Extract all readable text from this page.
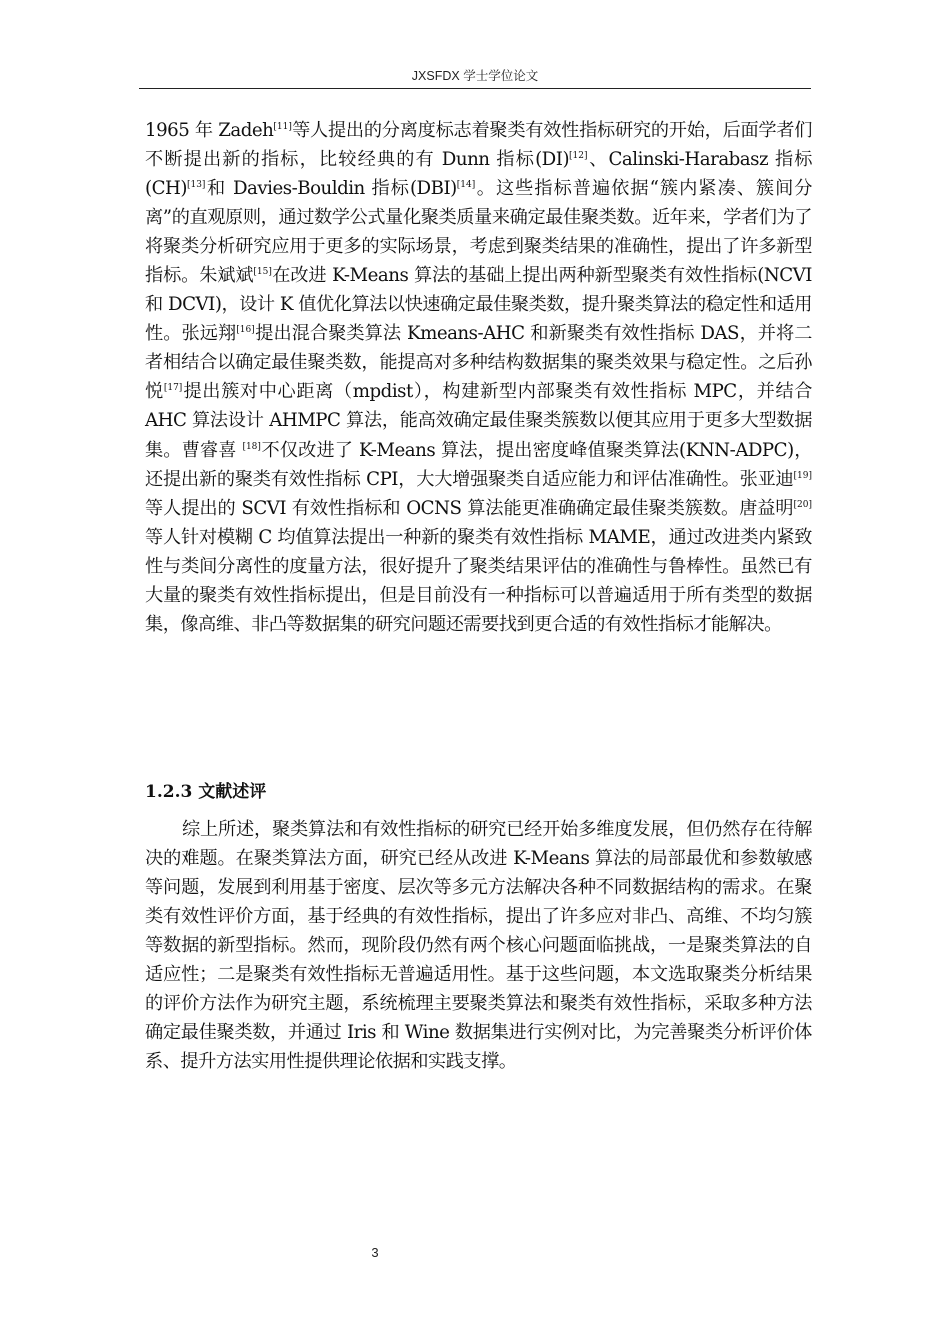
JXSFDX 学士学位论文

1965 年 Zadeh[11]等人提出的分离度标志着聚类有效性指标研究的开始，后面学者们不断提出新的指标，比较经典的有 Dunn 指标(DI)[12]、Calinski-Harabasz 指标(CH)[13]和 Davies-Bouldin 指标(DBI)[14]。这些指标普遍依据“簇内紧凑、簇间分离”的直观原则，通过数学公式量化聚类质量来确定最佳聚类数。近年来，学者们为了将聚类分析研究应用于更多的实际场景，考虑到聚类结果的准确性，提出了许多新型指标。朱斌斌[15]在改进 K-Means 算法的基础上提出两种新型聚类有效性指标(NCVI 和 DCVI)，设计 K 值优化算法以快速确定最佳聚类数，提升聚类算法的稳定性和适用性。张远翔[16]提出混合聚类算法 Kmeans-AHC 和新聚类有效性指标 DAS，并将二者相结合以确定最佳聚类数，能提高对多种结构数据集的聚类效果与稳定性。之后孙悦[17]提出簇对中心距离（mpdist），构建新型内部聚类有效性指标 MPC，并结合 AHC 算法设计 AHMPC 算法，能高效确定最佳聚类簇数以便其应用于更多大型数据集。曹睿喜 [18]不仅改进了 K-Means 算法，提出密度峰值聚类算法(KNN-ADPC)，还提出新的聚类有效性指标 CPI，大大增强聚类自适应能力和评估准确性。张亚迪[19]等人提出的 SCVI 有效性指标和 OCNS 算法能更准确确定最佳聚类簇数。唐益明[20]等人针对模糊 C 均值算法提出一种新的聚类有效性指标 MAME，通过改进类内紧致性与类间分离性的度量方法，很好提升了聚类结果评估的准确性与鲁棒性。虽然已有大量的聚类有效性指标提出，但是目前没有一种指标可以普遍适用于所有类型的数据集，像高维、非凸等数据集的研究问题还需要找到更合适的有效性指标才能解决。

1.2.3 文献述评

综上所述，聚类算法和有效性指标的研究已经开始多维度发展，但仍然存在待解决的难题。在聚类算法方面，研究已经从改进 K-Means 算法的局部最优和参数敏感等问题，发展到利用基于密度、层次等多元方法解决各种不同数据结构的需求。在聚类有效性评价方面，基于经典的有效性指标，提出了许多应对非凸、高维、不均匀簇等数据的新型指标。然而，现阶段仍然有两个核心问题面临挑战，一是聚类算法的自适应性；二是聚类有效性指标无普遍适用性。基于这些问题，本文选取聚类分析结果的评价方法作为研究主题，系统梳理主要聚类算法和聚类有效性指标，采取多种方法确定最佳聚类数，并通过 Iris 和 Wine 数据集进行实例对比，为完善聚类分析评价体系、提升方法实用性提供理论依据和实践支撑。

3
